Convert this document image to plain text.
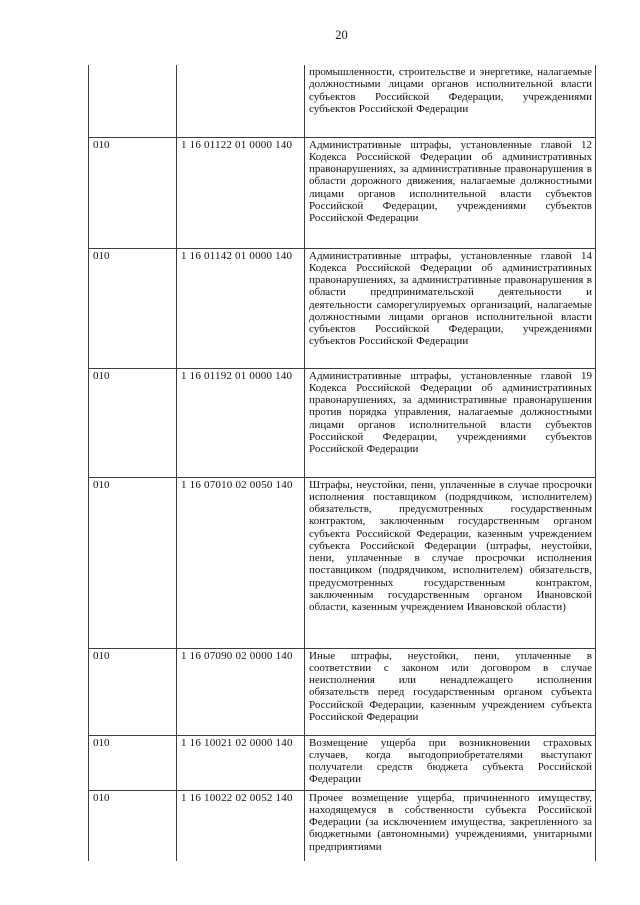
20
		промышленности, строительстве и энергетике, налагаемые должностными лицами органов исполнительной власти субъектов Российской Федерации, учреждениями субъектов Российской Федерации
010	1 16 01122 01 0000 140	Административные штрафы, установленные главой 12 Кодекса Российской Федерации об административных правонарушениях, за административные правонарушения в области дорожного движения, налагаемые должностными лицами органов исполнительной власти субъектов Российской Федерации, учреждениями субъектов Российской Федерации
010	1 16 01142 01 0000 140	Административные штрафы, установленные главой 14 Кодекса Российской Федерации об административных правонарушениях, за административные правонарушения в области предпринимательской деятельности и деятельности саморегулируемых организаций, налагаемые должностными лицами органов исполнительной власти субъектов Российской Федерации, учреждениями субъектов Российской Федерации
010	1 16 01192 01 0000 140	Административные штрафы, установленные главой 19 Кодекса Российской Федерации об административных правонарушениях, за административные правонарушения против порядка управления, налагаемые должностными лицами органов исполнительной власти субъектов Российской Федерации, учреждениями субъектов Российской Федерации
010	1 16 07010 02 0050 140	Штрафы, неустойки, пени, уплаченные в случае просрочки исполнения поставщиком (подрядчиком, исполнителем) обязательств, предусмотренных государственным контрактом, заключенным государственным органом субъекта Российской Федерации, казенным учреждением субъекта Российской Федерации (штрафы, неустойки, пени, уплаченные в случае просрочки исполнения поставщиком (подрядчиком, исполнителем) обязательств, предусмотренных государственным контрактом, заключенным государственным органом Ивановской области, казенным учреждением Ивановской области)
010	1 16 07090 02 0000 140	Иные штрафы, неустойки, пени, уплаченные в соответствии с законом или договором в случае неисполнения или ненадлежащего исполнения обязательств перед государственным органом субъекта Российской Федерации, казенным учреждением субъекта Российской Федерации
010	1 16 10021 02 0000 140	Возмещение ущерба при возникновении страховых случаев, когда выгодоприобретателями выступают получатели средств бюджета субъекта Российской Федерации
010	1 16 10022 02 0052 140	Прочее возмещение ущерба, причиненного имуществу, находящемуся в собственности субъекта Российской Федерации (за исключением имущества, закрепленного за бюджетными (автономными) учреждениями, унитарными предприятиями
